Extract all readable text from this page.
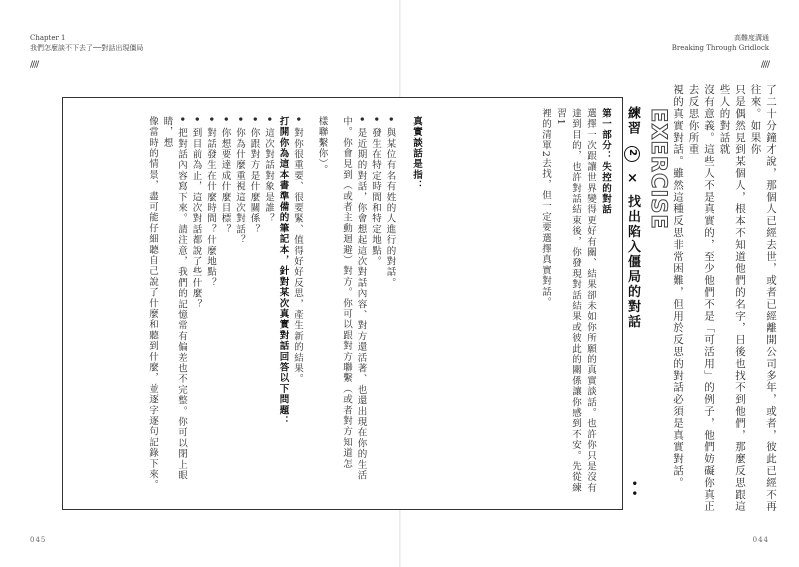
Chapter 1
我們怎麼談不下去了──對話出現僵局
////
高難度溝通
Breaking Through Gridlock
////
了二十分鐘才說，那個人已經去世，或者已經離開公司多年，或者，彼此已經不再往來。如果你
只是偶然見到某個人，根本不知道他們的名字，日後也找不到他們，那麼反思跟這些人的對話就
沒有意義。這些人不是真實的，至少他們不是「可活用」的例子，他們妨礙你真正去反思你所重
視的真實對話。雖然這種反思非常困難，但用於反思的對話必須是真實對話。
EXERCISE
練習 2 × 找出陷入僵局的對話
• •
第一部分：失控的對話
選擇一次跟讓世界變得更好有關、結果卻未如你所願的真實談話。也許你只是沒有
達到目的，也許對話結束後，你發現對話結果或彼此的關係讓你感到不安。先從練習1
裡的清單2去找，但一定要選擇真實對話。
真實談話是指：
• 與某位有名有姓的人進行的對話。
• 發生在特定時間和特定地點。
• 是近期的對話，你會想起這次對話內容、對方還活著、也還出現在你的生活
中。你會見到（或者主動迴避）對方。你可以跟對方聯繫（或者對方知道怎
樣聯繫你）。
• 對你很重要、很要緊、值得好好反思，產生新的結果。
打開你為這本書準備的筆記本，針對某次真實對話回答以下問題：
• 這次對話對象是誰？
• 你跟對方是什麼關係？
• 你為什麼重視這次對話？
• 你想要達成什麼目標？
• 對話發生在什麼時間？什麼地點？
• 到目前為止，這次對話都說了些什麼？
• 把對話內容寫下來。請注意，我們的記憶常有偏差也不完整。你可以閉上眼睛，想
像當時的情景，盡可能仔細聽自己說了什麼和聽到什麼，並逐字逐句記錄下來。
045	044
